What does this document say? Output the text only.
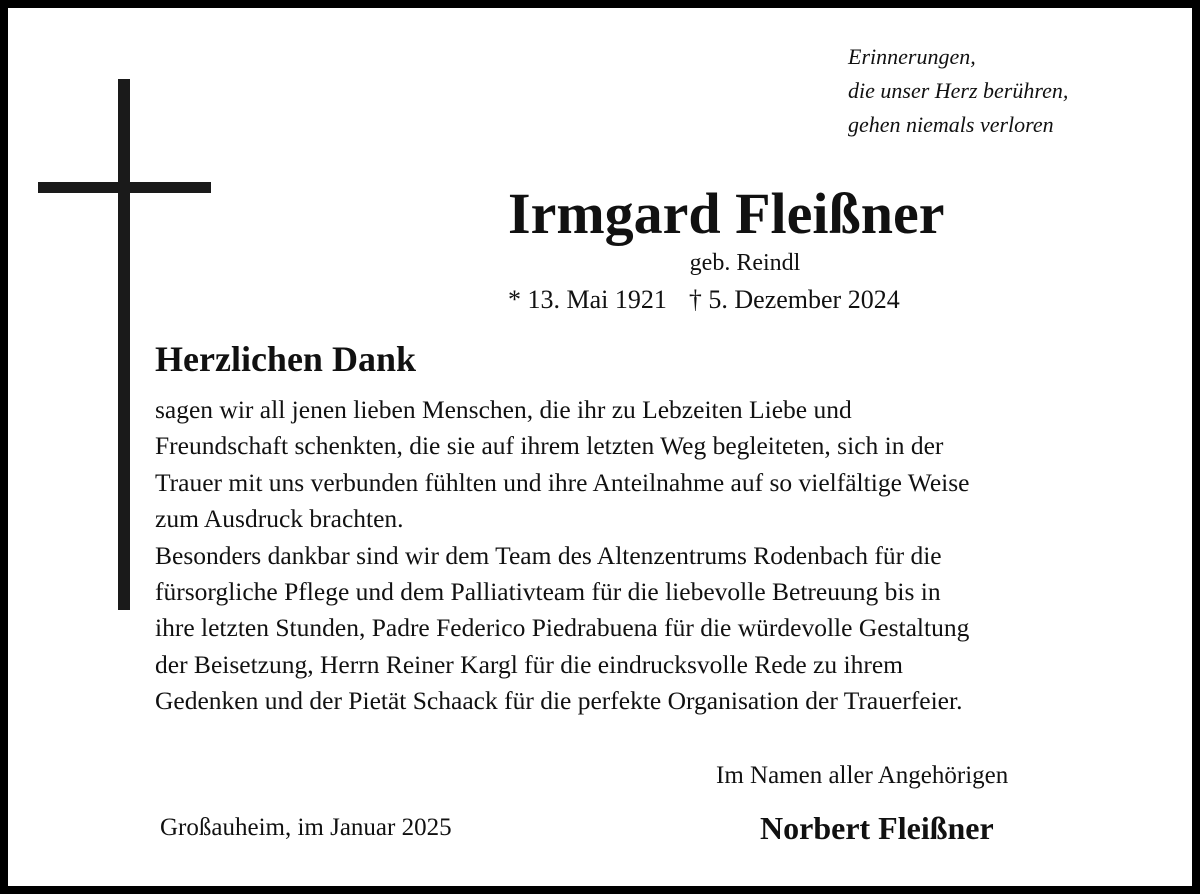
Erinnerungen,
die unser Herz berühren,
gehen niemals verloren
Irmgard Fleißner
geb. Reindl
* 13. Mai 1921 † 5. Dezember 2024
Herzlichen Dank
sagen wir all jenen lieben Menschen, die ihr zu Lebzeiten Liebe und
Freundschaft schenkten, die sie auf ihrem letzten Weg begleiteten, sich in der
Trauer mit uns verbunden fühlten und ihre Anteilnahme auf so vielfältige Weise
zum Ausdruck brachten.
Besonders dankbar sind wir dem Team des Altenzentrums Rodenbach für die
fürsorgliche Pflege und dem Palliativteam für die liebevolle Betreuung bis in
ihre letzten Stunden, Padre Federico Piedrabuena für die würdevolle Gestaltung
der Beisetzung, Herrn Reiner Kargl für die eindrucksvolle Rede zu ihrem
Gedenken und der Pietät Schaack für die perfekte Organisation der Trauerfeier.
Im Namen aller Angehörigen
Großauheim, im Januar 2025	Norbert Fleißner
